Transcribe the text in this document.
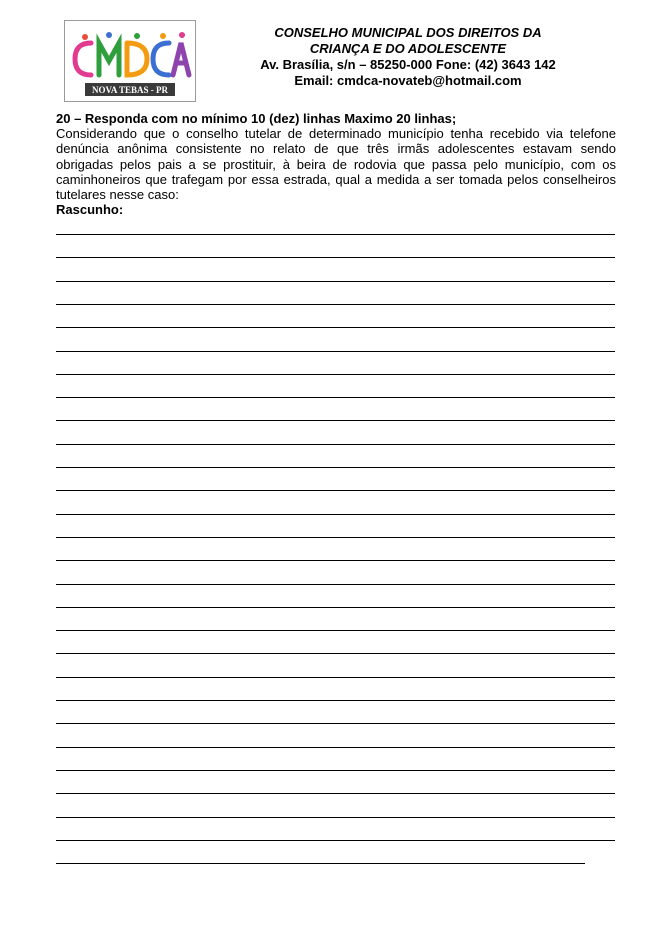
NOVA TEBAS - PR
CONSELHO MUNICIPAL DOS DIREITOS DA
CRIANÇA E DO ADOLESCENTE
Av. Brasília, s/n – 85250-000 Fone: (42) 3643 142
Email: cmdca-novateb@hotmail.com
20 – Responda com no mínimo 10 (dez) linhas Maximo 20 linhas;
Considerando que o conselho tutelar de determinado município tenha recebido via telefone denúncia anônima consistente no relato de que três irmãs adolescentes estavam sendo obrigadas pelos pais a se prostituir, à beira de rodovia que passa pelo município, com os caminhoneiros que trafegam por essa estrada, qual a medida a ser tomada pelos conselheiros tutelares nesse caso:
Rascunho:
